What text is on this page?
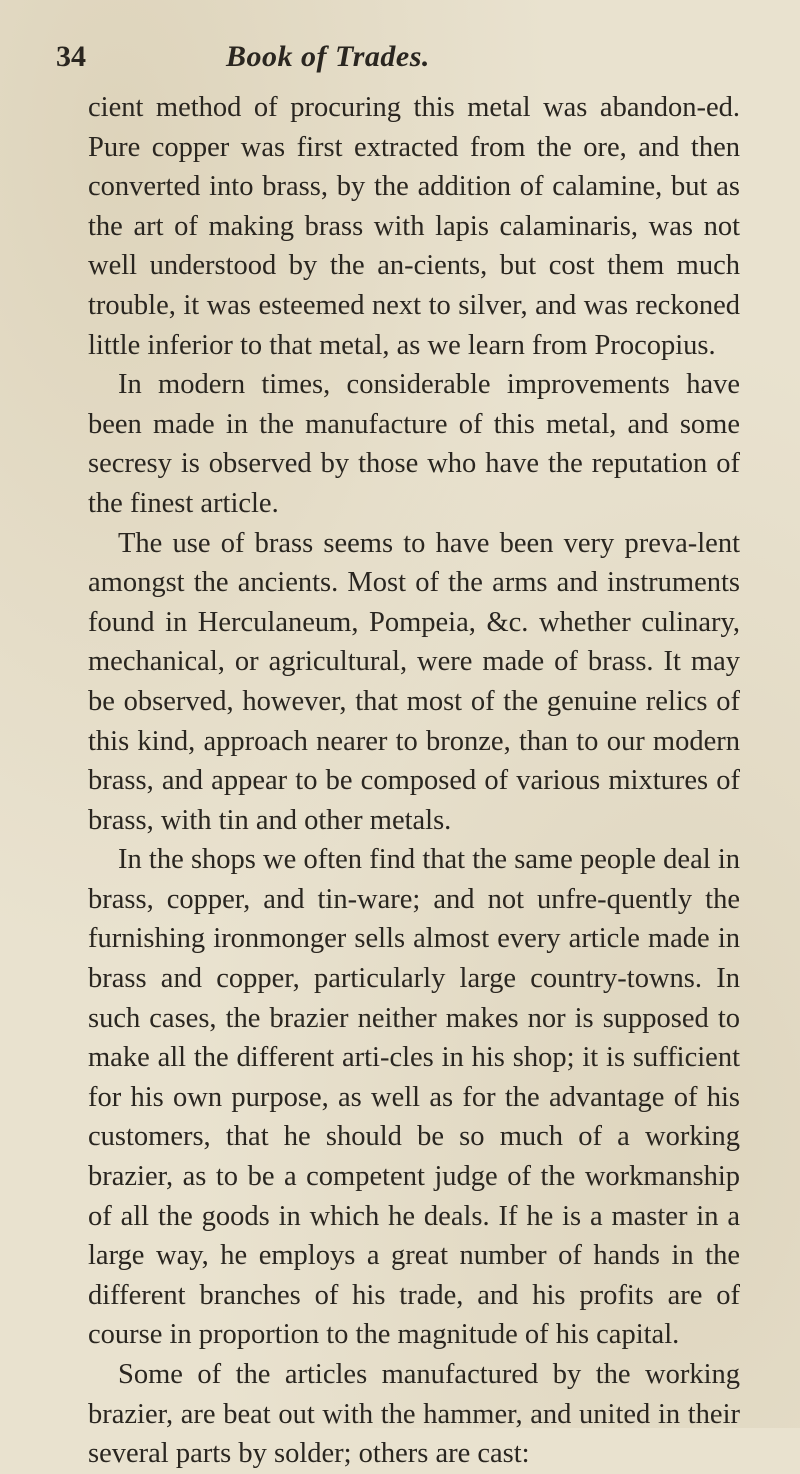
34	Book of Trades.

cient method of procuring this metal was abandon-ed. Pure copper was first extracted from the ore, and then converted into brass, by the addition of calamine, but as the art of making brass with lapis calaminaris, was not well understood by the an-cients, but cost them much trouble, it was esteemed next to silver, and was reckoned little inferior to that metal, as we learn from Procopius.

In modern times, considerable improvements have been made in the manufacture of this metal, and some secresy is observed by those who have the reputation of the finest article.

The use of brass seems to have been very preva-lent amongst the ancients. Most of the arms and instruments found in Herculaneum, Pompeia, &c. whether culinary, mechanical, or agricultural, were made of brass. It may be observed, however, that most of the genuine relics of this kind, approach nearer to bronze, than to our modern brass, and appear to be composed of various mixtures of brass, with tin and other metals.

In the shops we often find that the same people deal in brass, copper, and tin-ware; and not unfre-quently the furnishing ironmonger sells almost every article made in brass and copper, particularly large country-towns. In such cases, the brazier neither makes nor is supposed to make all the different arti-cles in his shop; it is sufficient for his own purpose, as well as for the advantage of his customers, that he should be so much of a working brazier, as to be a competent judge of the workmanship of all the goods in which he deals. If he is a master in a large way, he employs a great number of hands in the different branches of his trade, and his profits are of course in proportion to the magnitude of his capital.

Some of the articles manufactured by the working brazier, are beat out with the hammer, and united in their several parts by solder; others are cast:
